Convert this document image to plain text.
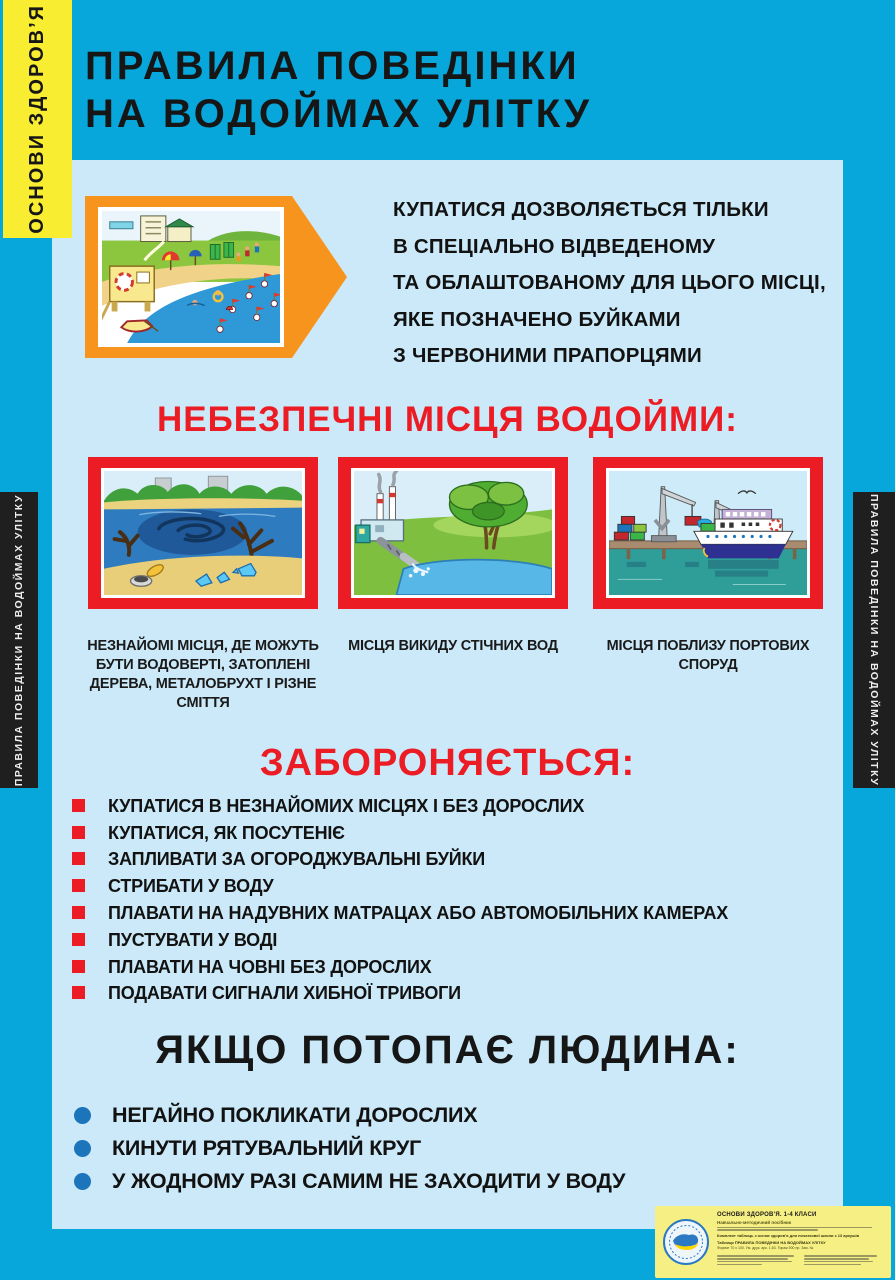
ОСНОВИ ЗДОРОВ’Я
ПРАВИЛА ПОВЕДІНКИ НА ВОДОЙМАХ УЛІТКУ	ПРАВИЛА ПОВЕДІНКИ НА ВОДОЙМАХ УЛІТКУ
ПРАВИЛА ПОВЕДІНКИ
НА ВОДОЙМАХ УЛІТКУ
КУПАТИСЯ ДОЗВОЛЯЄТЬСЯ ТІЛЬКИ
В СПЕЦІАЛЬНО ВІДВЕДЕНОМУ
ТА ОБЛАШТОВАНОМУ ДЛЯ ЦЬОГО МІСЦІ,
ЯКЕ ПОЗНАЧЕНО БУЙКАМИ
З ЧЕРВОНИМИ ПРАПОРЦЯМИ
НЕБЕЗПЕЧНІ МІСЦЯ ВОДОЙМИ:
НЕЗНАЙОМІ МІСЦЯ, ДЕ МОЖУТЬ БУТИ ВОДОВЕРТІ, ЗАТОПЛЕНІ ДЕРЕВА, МЕТАЛОБРУХТ І РІЗНЕ СМІТТЯ
МІСЦЯ ВИКИДУ СТІЧНИХ ВОД	МІСЦЯ ПОБЛИЗУ ПОРТОВИХ СПОРУД
ЗАБОРОНЯЄТЬСЯ:
КУПАТИСЯ В НЕЗНАЙОМИХ МІСЦЯХ І БЕЗ ДОРОСЛИХ
КУПАТИСЯ, ЯК ПОСУТЕНІЄ
ЗАПЛИВАТИ ЗА ОГОРОДЖУВАЛЬНІ БУЙКИ
СТРИБАТИ У ВОДУ
ПЛАВАТИ НА НАДУВНИХ МАТРАЦАХ АБО АВТОМОБІЛЬНИХ КАМЕРАХ
ПУСТУВАТИ У ВОДІ
ПЛАВАТИ НА ЧОВНІ БЕЗ ДОРОСЛИХ
ПОДАВАТИ СИГНАЛИ ХИБНОЇ ТРИВОГИ
ЯКЩО ПОТОПАЄ ЛЮДИНА:
НЕГАЙНО ПОКЛИКАТИ ДОРОСЛИХ
КИНУТИ РЯТУВАЛЬНИЙ КРУГ
У ЖОДНОМУ РАЗІ САМИМ НЕ ЗАХОДИТИ У ВОДУ
ОСНОВИ ЗДОРОВ’Я. 1-4 КЛАСИ
Навчально-методичний посібник
Комплект таблиць з основ здоров’я для початкової школи з 13 аркушів
Таблиця ПРАВИЛА ПОВЕДІНКИ НА ВОДОЙМАХ УЛІТКУ
Формат 70 х 100. Ум. друк. арк. 1,63. Тираж 500 пр. Зам. №
